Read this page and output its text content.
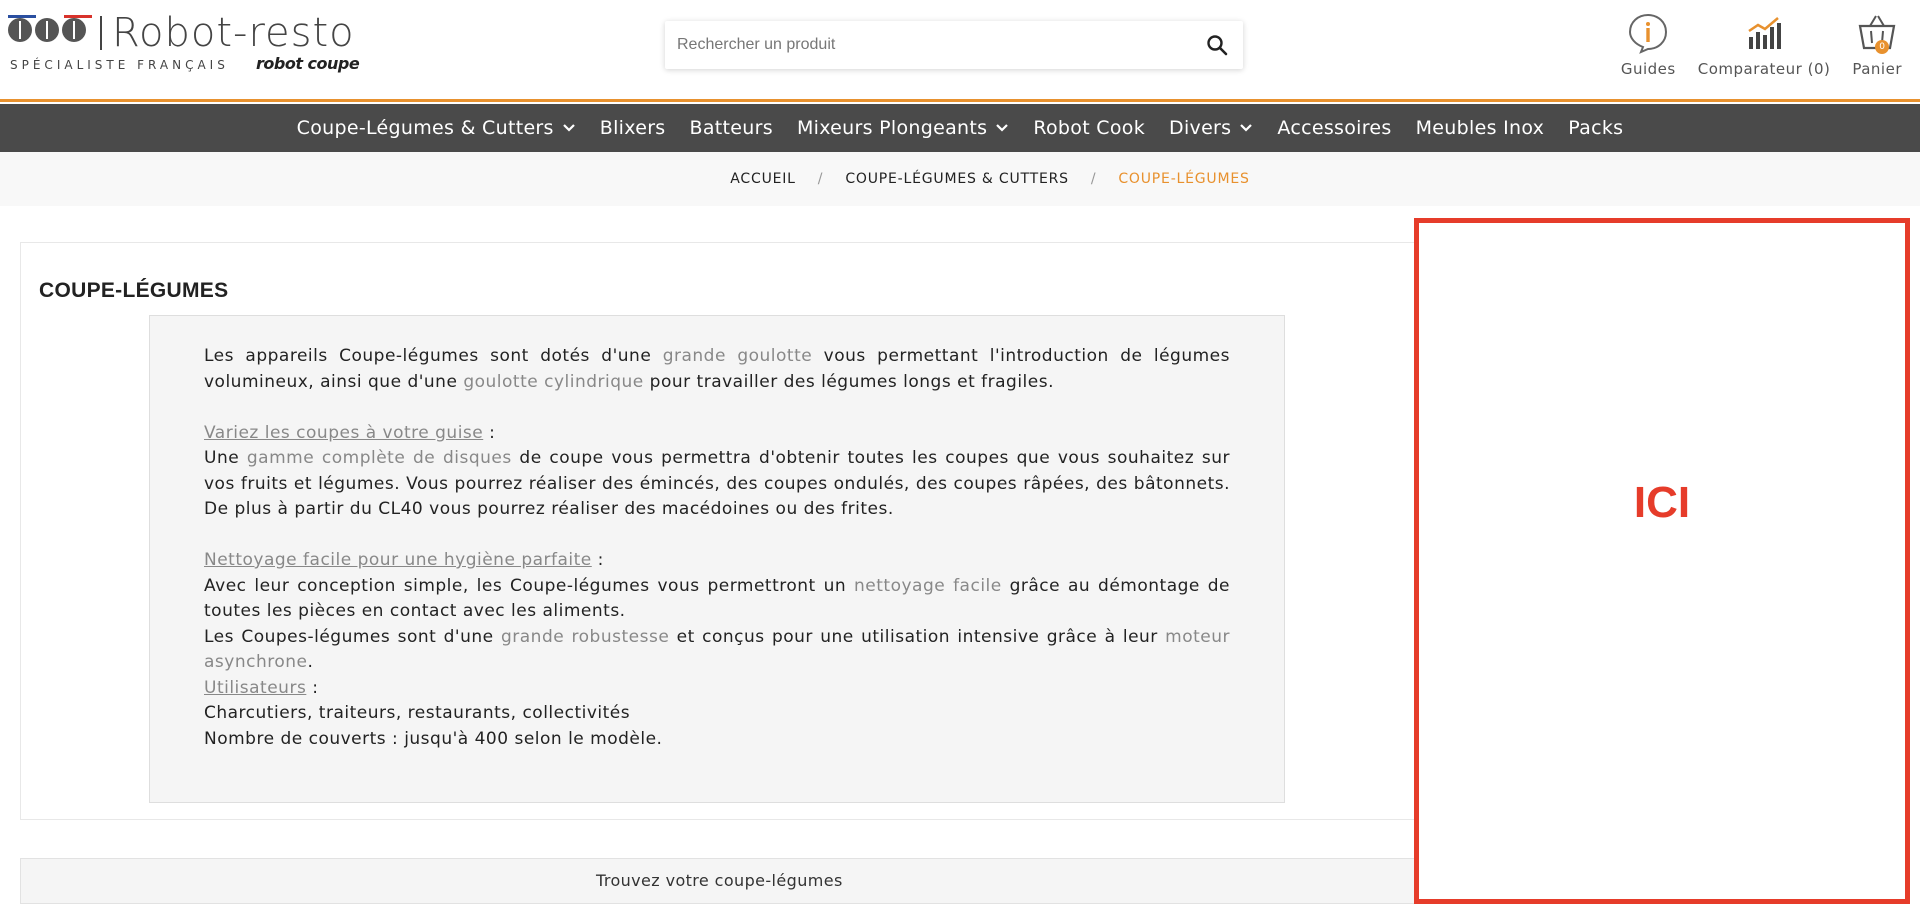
Robot-resto
SPÉCIALISTE FRANÇAIS robot coupe
Rechercher un produit	Guides Comparateur (0)
0
Panier
Coupe-Légumes & Cutters Blixers Batteurs Mixeurs Plongeants Robot Cook Divers Accessoires Meubles Inox Packs
ACCUEIL / COUPE-LÉGUMES & CUTTERS / COUPE-LÉGUMES
COUPE-LÉGUMES

Les appareils Coupe-légumes sont dotés d'une grande goulotte vous permettant l'introduction de légumes volumineux, ainsi que d'une goulotte cylindrique pour travailler des légumes longs et fragiles.

Variez les coupes à votre guise :

Une gamme complète de disques de coupe vous permettra d'obtenir toutes les coupes que vous souhaitez sur vos fruits et légumes. Vous pourrez réaliser des émincés, des coupes ondulés, des coupes râpées, des bâtonnets. De plus à partir du CL40 vous pourrez réaliser des macédoines ou des frites.

Nettoyage facile pour une hygiène parfaite :

Avec leur conception simple, les Coupe-légumes vous permettront un nettoyage facile grâce au démontage de toutes les pièces en contact avec les aliments.

Les Coupes-légumes sont d'une grande robustesse et conçus pour une utilisation intensive grâce à leur moteur asynchrone.

Utilisateurs :

Charcutiers, traiteurs, restaurants, collectivités

Nombre de couverts : jusqu'à 400 selon le modèle.

Trouvez votre coupe-légumes
ICI
